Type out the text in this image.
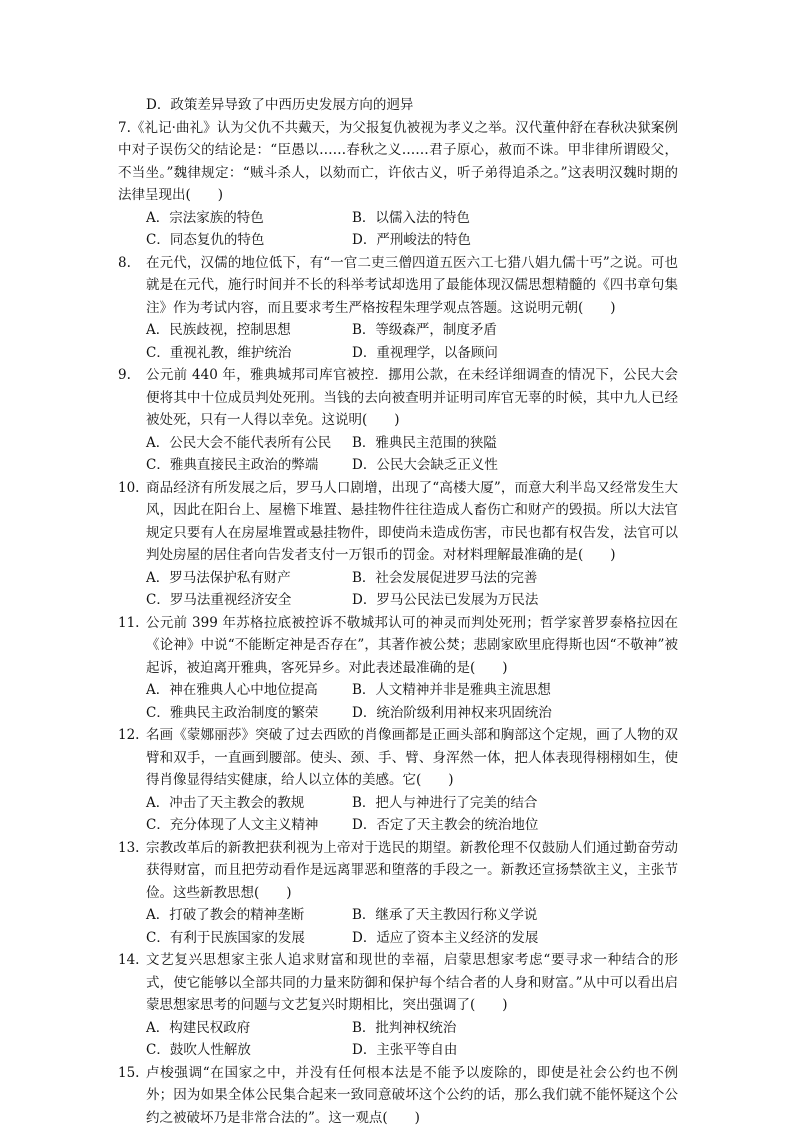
D．政策差异导致了中西历史发展方向的迥异
7.《礼记·曲礼》认为父仇不共戴天，为父报复仇被视为孝义之举。汉代董仲舒在春秋决狱案例中对子误伤父的结论是：“臣愚以……春秋之义……君子原心，赦而不诛。甲非律所谓殴父，不当坐。”魏律规定：“贼斗杀人，以劾而亡，许依古义，听子弟得追杀之。”这表明汉魏时期的法律呈现出(　　)
A．宗法家族的特色	B．以儒入法的特色
C．同态复仇的特色	D．严刑峻法的特色
8. 在元代，汉儒的地位低下，有“一官二吏三僧四道五医六工七猎八娼九儒十丐”之说。可也就是在元代，施行时间并不长的科举考试却选用了最能体现汉儒思想精髓的《四书章句集注》作为考试内容，而且要求考生严格按程朱理学观点答题。这说明元朝(　　)
A．民族歧视，控制思想	B．等级森严，制度矛盾
C．重视礼教，维护统治	D．重视理学，以备顾问
9. 公元前 440 年，雅典城邦司库官被控．挪用公款，在未经详细调查的情况下，公民大会便将其中十位成员判处死刑。当钱的去向被查明并证明司库官无辜的时候，其中九人已经被处死，只有一人得以幸免。这说明(　　)
A．公民大会不能代表所有公民	B．雅典民主范围的狭隘
C．雅典直接民主政治的弊端	D．公民大会缺乏正义性
10. 商品经济有所发展之后，罗马人口剧增，出现了“高楼大厦”，而意大利半岛又经常发生大风，因此在阳台上、屋檐下堆置、悬挂物件往往造成人畜伤亡和财产的毁损。所以大法官规定只要有人在房屋堆置或悬挂物件，即使尚未造成伤害，市民也都有权告发，法官可以判处房屋的居住者向告发者支付一万银币的罚金。对材料理解最准确的是(　　)
A．罗马法保护私有财产	B．社会发展促进罗马法的完善
C．罗马法重视经济安全	D．罗马公民法已发展为万民法
11. 公元前 399 年苏格拉底被控诉不敬城邦认可的神灵而判处死刑；哲学家普罗泰格拉因在《论神》中说“不能断定神是否存在”，其著作被公焚；悲剧家欧里庇得斯也因“不敬神”被起诉，被迫离开雅典，客死异乡。对此表述最准确的是(　　)
A．神在雅典人心中地位提高	B．人文精神并非是雅典主流思想
C．雅典民主政治制度的繁荣	D．统治阶级利用神权来巩固统治
12. 名画《蒙娜丽莎》突破了过去西欧的肖像画都是正画头部和胸部这个定规，画了人物的双臂和双手，一直画到腰部。使头、颈、手、臂、身浑然一体，把人体表现得栩栩如生，使得肖像显得结实健康，给人以立体的美感。它(　　)
A．冲击了天主教会的教规	B．把人与神进行了完美的结合
C．充分体现了人文主义精神	D．否定了天主教会的统治地位
13. 宗教改革后的新教把获利视为上帝对于选民的期望。新教伦理不仅鼓励人们通过勤奋劳动获得财富，而且把劳动看作是远离罪恶和堕落的手段之一。新教还宣扬禁欲主义，主张节俭。这些新教思想(　　)
A．打破了教会的精神垄断	B．继承了天主教因行称义学说
C．有利于民族国家的发展	D．适应了资本主义经济的发展
14. 文艺复兴思想家主张人追求财富和现世的幸福，启蒙思想家考虑“要寻求一种结合的形式，使它能够以全部共同的力量来防御和保护每个结合者的人身和财富。”从中可以看出启蒙思想家思考的问题与文艺复兴时期相比，突出强调了(　　)
A．构建民权政府	B．批判神权统治
C．鼓吹人性解放	D．主张平等自由
15. 卢梭强调“在国家之中，并没有任何根本法是不能予以废除的，即使是社会公约也不例外；因为如果全体公民集合起来一致同意破坏这个公约的话，那么我们就不能怀疑这个公约之被破坏乃是非常合法的”。这一观点(　　)
